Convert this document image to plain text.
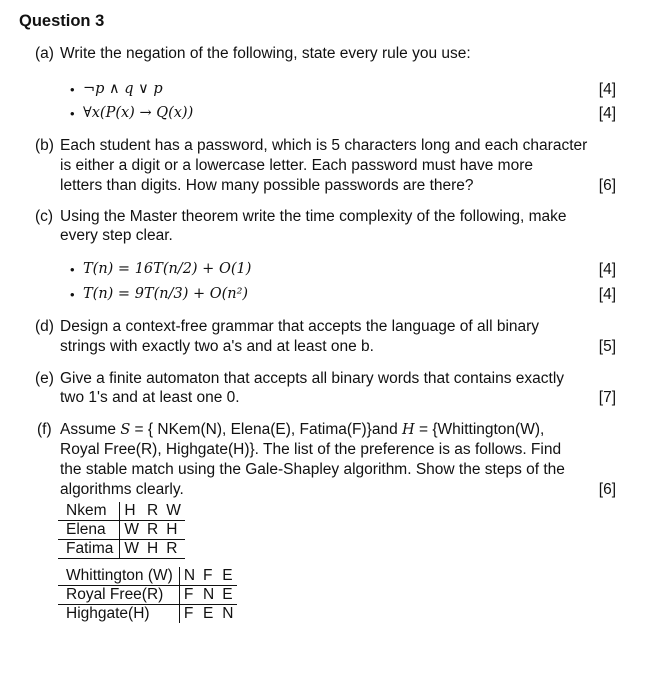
Question 3
(a) Write the negation of the following, state every rule you use:
• ¬p ∧ q ∨ p	[4]
• ∀x(P(x) → Q(x))	[4]
(b) Each student has a password, which is 5 characters long and each character
is either a digit or a lowercase letter. Each password must have more
letters than digits. How many possible passwords are there?	[6]
(c) Using the Master theorem write the time complexity of the following, make
every step clear.
• T(n) = 16T(n/2) + O(1)	[4]
• T(n) = 9T(n/3) + O(n²)	[4]
(d) Design a context-free grammar that accepts the language of all binary
strings with exactly two a's and at least one b.	[5]
(e) Give a finite automaton that accepts all binary words that contains exactly
two 1's and at least one 0.	[7]
(f) Assume S = { NKem(N), Elena(E), Fatima(F)}and H = {Whittington(W),
Royal Free(R), Highgate(H)}. The list of the preference is as follows. Find
the stable match using the Gale-Shapley algorithm. Show the steps of the
algorithms clearly.	[6]
Nkem	H	R	W
Elena	W	R	H
Fatima	W	H	R
Whittington (W)	N	F	E
Royal Free(R)	F	N	E
Highgate(H)	F	E	N
